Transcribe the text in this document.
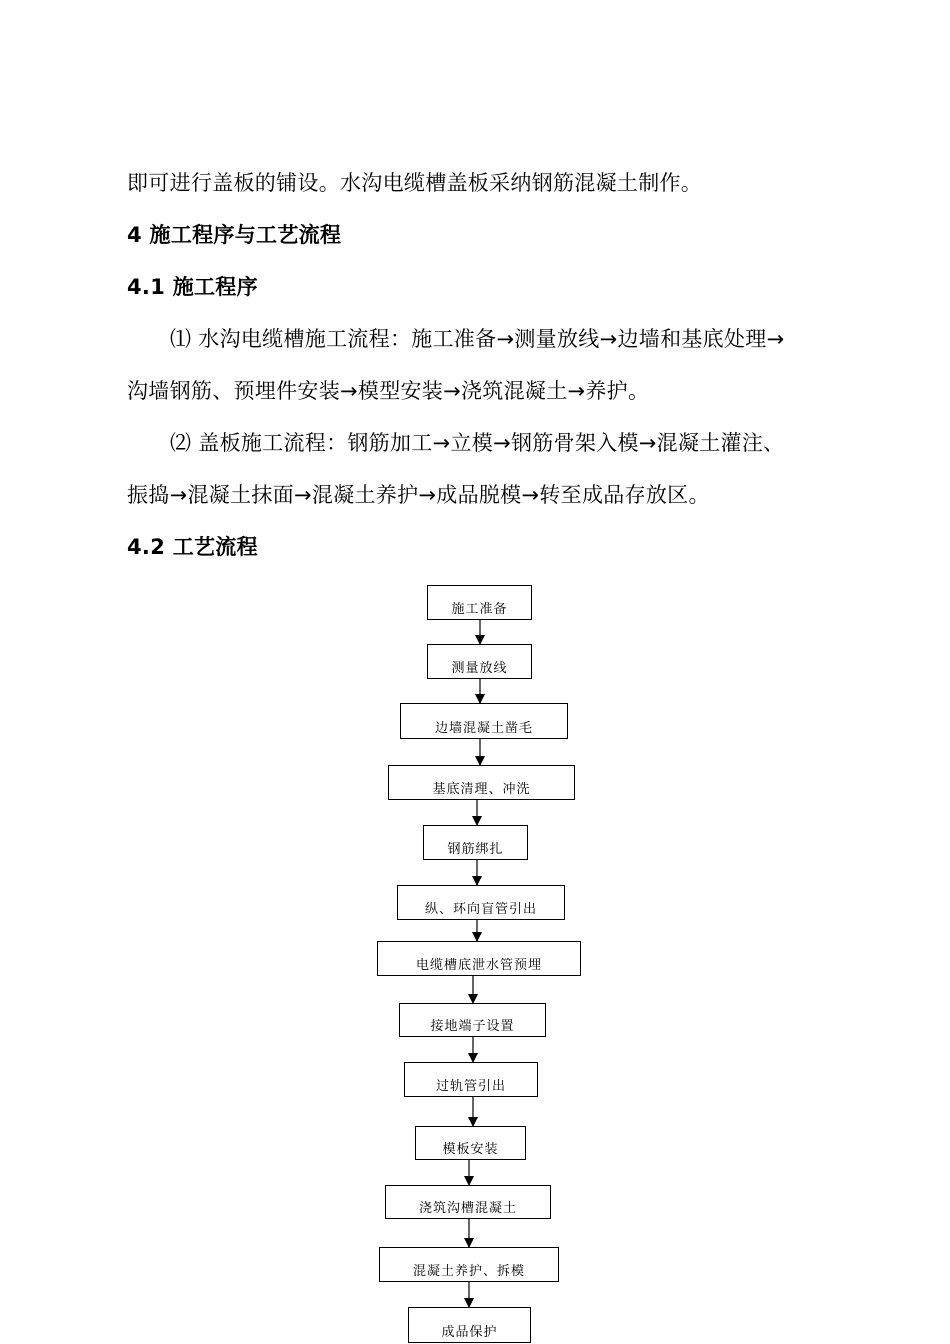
即可进行盖板的铺设。水沟电缆槽盖板采纳钢筋混凝土制作。
4 施工程序与工艺流程
4.1 施工程序
⑴ 水沟电缆槽施工流程：施工准备→测量放线→边墙和基底处理→
沟墙钢筋、预埋件安装→模型安装→浇筑混凝土→养护。
⑵ 盖板施工流程：钢筋加工→立模→钢筋骨架入模→混凝土灌注、
振捣→混凝土抹面→混凝土养护→成品脱模→转至成品存放区。
4.2 工艺流程
施工准备
测量放线
边墙混凝土凿毛
基底清理、冲洗
钢筋绑扎
纵、环向盲管引出
电缆槽底泄水管预埋
接地端子设置
过轨管引出
模板安装
浇筑沟槽混凝土
混凝土养护、拆模
成品保护
